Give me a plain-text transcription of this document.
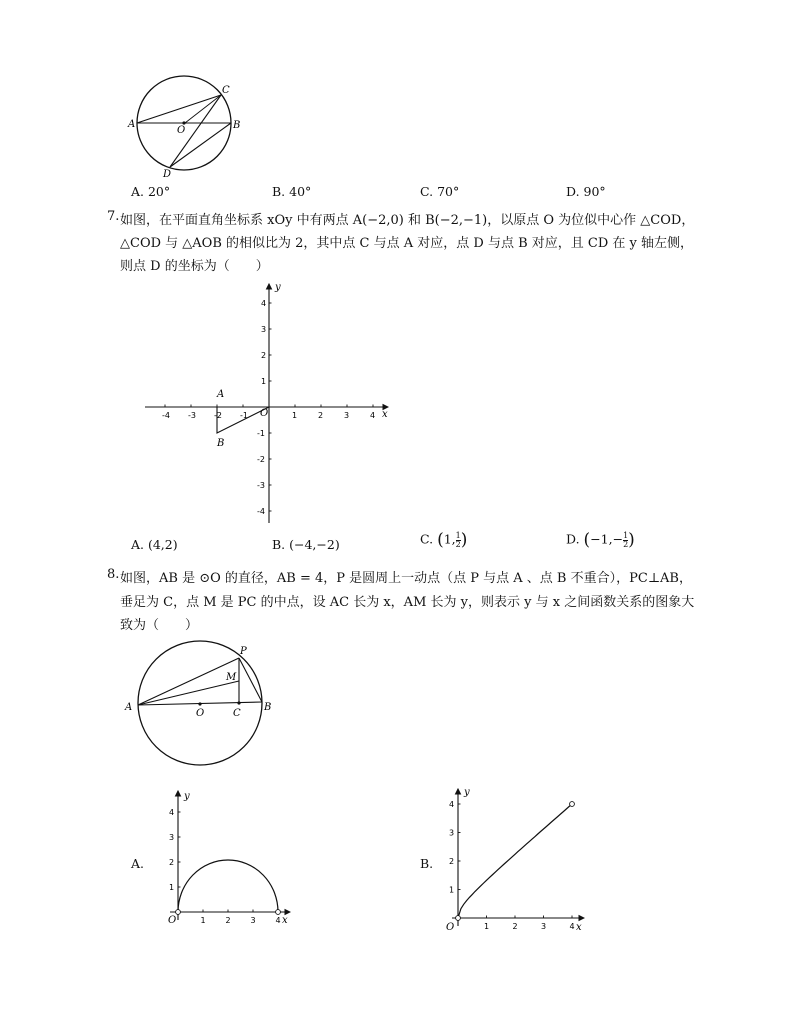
A
O	B
C
D
A. 20°	B. 40°	C. 70°	D. 90°
7. 如图，在平面直角坐标系 xOy 中有两点 A(−2,0) 和 B(−2,−1)，以原点 O 为位似中心作 △COD，
△COD 与 △AOB 的相似比为 2，其中点 C 与点 A 对应，点 D 与点 B 对应，且 CD 在 y 轴左侧，
则点 D 的坐标为（　　）
-4 -3 -2 -1	1	2	3	4
4
3
2
1
-1
-2
-3
-4
y
x
O
A
B
A. (4,2)	B. (−4,−2)	C. (1, $\frac{1}{2}$ )	D. ($-1,- \frac{1}{2}$ )
8. 如图，AB 是 ⊙O 的直径，AB = 4，P 是圆周上一动点（点 P 与点 A 、点 B 不重合），PC⊥AB，
垂足为 C，点 M 是 PC 的中点，设 AC 长为 x，AM 长为 y，则表示 y 与 x 之间函数关系的图象大
致为（　　）
A
O	C
B
P
M
A.
1 2 3 4
1
2
3
4
y
x
O
B.
1	2	3	4
1
2
3
4
y
x
O
